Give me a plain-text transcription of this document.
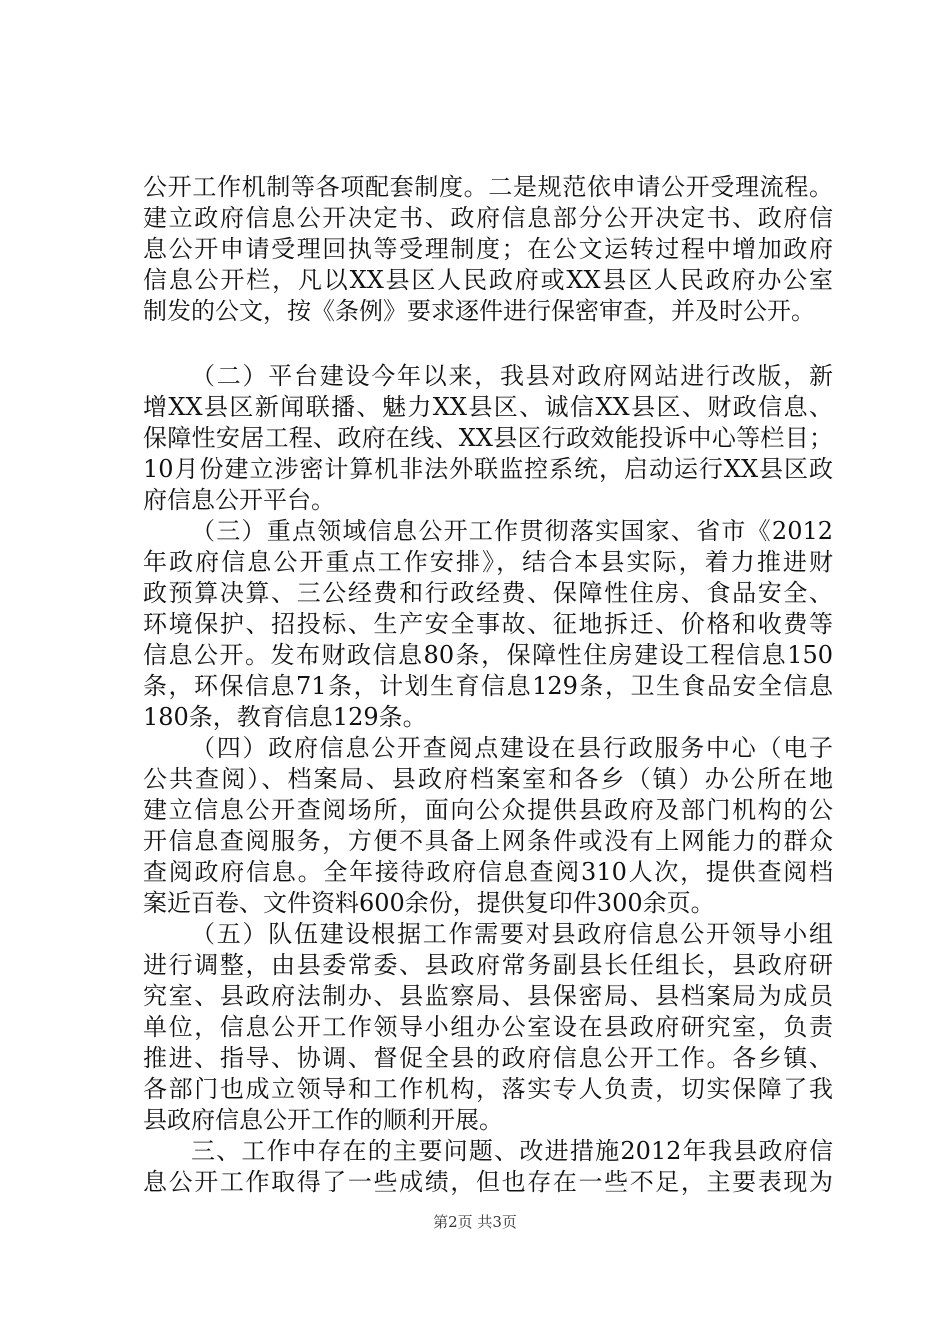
公开工作机制等各项配套制度。二是规范依申请公开受理流程。
建立政府信息公开决定书、政府信息部分公开决定书、政府信
息公开申请受理回执等受理制度；在公文运转过程中增加政府
信息公开栏，凡以XX县区人民政府或XX县区人民政府办公室
制发的公文，按《条例》要求逐件进行保密审查，并及时公开。
（二）平台建设今年以来，我县对政府网站进行改版，新
增XX县区新闻联播、魅力XX县区、诚信XX县区、财政信息、
保障性安居工程、政府在线、XX县区行政效能投诉中心等栏目；
10月份建立涉密计算机非法外联监控系统，启动运行XX县区政
府信息公开平台。
（三）重点领域信息公开工作贯彻落实国家、省市《2012
年政府信息公开重点工作安排》，结合本县实际，着力推进财
政预算决算、三公经费和行政经费、保障性住房、食品安全、
环境保护、招投标、生产安全事故、征地拆迁、价格和收费等
信息公开。发布财政信息80条，保障性住房建设工程信息150
条，环保信息71条，计划生育信息129条，卫生食品安全信息
180条，教育信息129条。
（四）政府信息公开查阅点建设在县行政服务中心（电子
公共查阅）、档案局、县政府档案室和各乡（镇）办公所在地
建立信息公开查阅场所，面向公众提供县政府及部门机构的公
开信息查阅服务，方便不具备上网条件或没有上网能力的群众
查阅政府信息。全年接待政府信息查阅310人次，提供查阅档
案近百卷、文件资料600余份，提供复印件300余页。
（五）队伍建设根据工作需要对县政府信息公开领导小组
进行调整，由县委常委、县政府常务副县长任组长，县政府研
究室、县政府法制办、县监察局、县保密局、县档案局为成员
单位，信息公开工作领导小组办公室设在县政府研究室，负责
推进、指导、协调、督促全县的政府信息公开工作。各乡镇、
各部门也成立领导和工作机构，落实专人负责，切实保障了我
县政府信息公开工作的顺利开展。
三、工作中存在的主要问题、改进措施2012年我县政府信
息公开工作取得了一些成绩，但也存在一些不足，主要表现为
第2页 共3页
